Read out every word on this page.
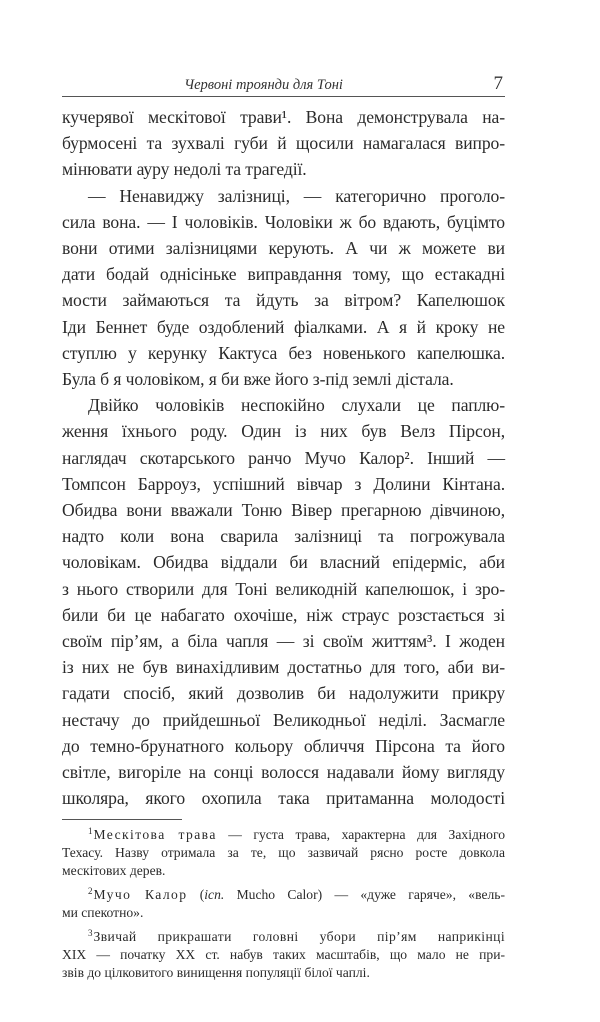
Червоні троянди для Тоні	7
кучерявої мескітової трави¹. Вона демонструвала на-
бурмосені та зухвалі губи й щосили намагалася випро-
мінювати ауру недолі та трагедії.
— Ненавиджу залізниці, — категорично проголо-
сила вона. — І чоловіків. Чоловіки ж бо вдають, буцімто
вони отими залізницями керують. А чи ж можете ви
дати бодай однісіньке виправдання тому, що естакадні
мости займаються та йдуть за вітром? Капелюшок
Іди Беннет буде оздоблений фіалками. А я й кроку не
ступлю у керунку Кактуса без новенького капелюшка.
Була б я чоловіком, я би вже його з-під землі дістала.
Двійко чоловіків неспокійно слухали це паплю-
ження їхнього роду. Один із них був Велз Пірсон,
наглядач скотарського ранчо Мучо Калор². Інший —
Томпсон Барроуз, успішний вівчар з Долини Кінтана.
Обидва вони вважали Тоню Вівер прегарною дівчиною,
надто коли вона сварила залізниці та погрожувала
чоловікам. Обидва віддали би власний епідерміс, аби
з нього створили для Тоні великодній капелюшок, і зро-
били би це набагато охочіше, ніж страус розстається зі
своїм пір’ям, а біла чапля — зі своїм життям³. І жоден
із них не був винахідливим достатньо для того, аби ви-
гадати спосіб, який дозволив би надолужити прикру
нестачу до прийдешньої Великодньої неділі. Засмагле
до темно-брунатного кольору обличчя Пірсона та його
світле, вигоріле на сонці волосся надавали йому вигляду
школяра, якого охопила така притаманна молодості
$^1$Мескітова трава — густа трава, характерна для Західного
Техасу. Назву отримала за те, що зазвичай рясно росте довкола
мескітових дерев.
$^2$Мучо Калор (ісп. Mucho Calor) — «дуже гаряче», «вель-
ми спекотно».
$^3$Звичай прикрашати головні убори пір’ям наприкінці
XIX — початку XX ст. набув таких масштабів, що мало не при-
звів до цілковитого винищення популяції білої чаплі.
